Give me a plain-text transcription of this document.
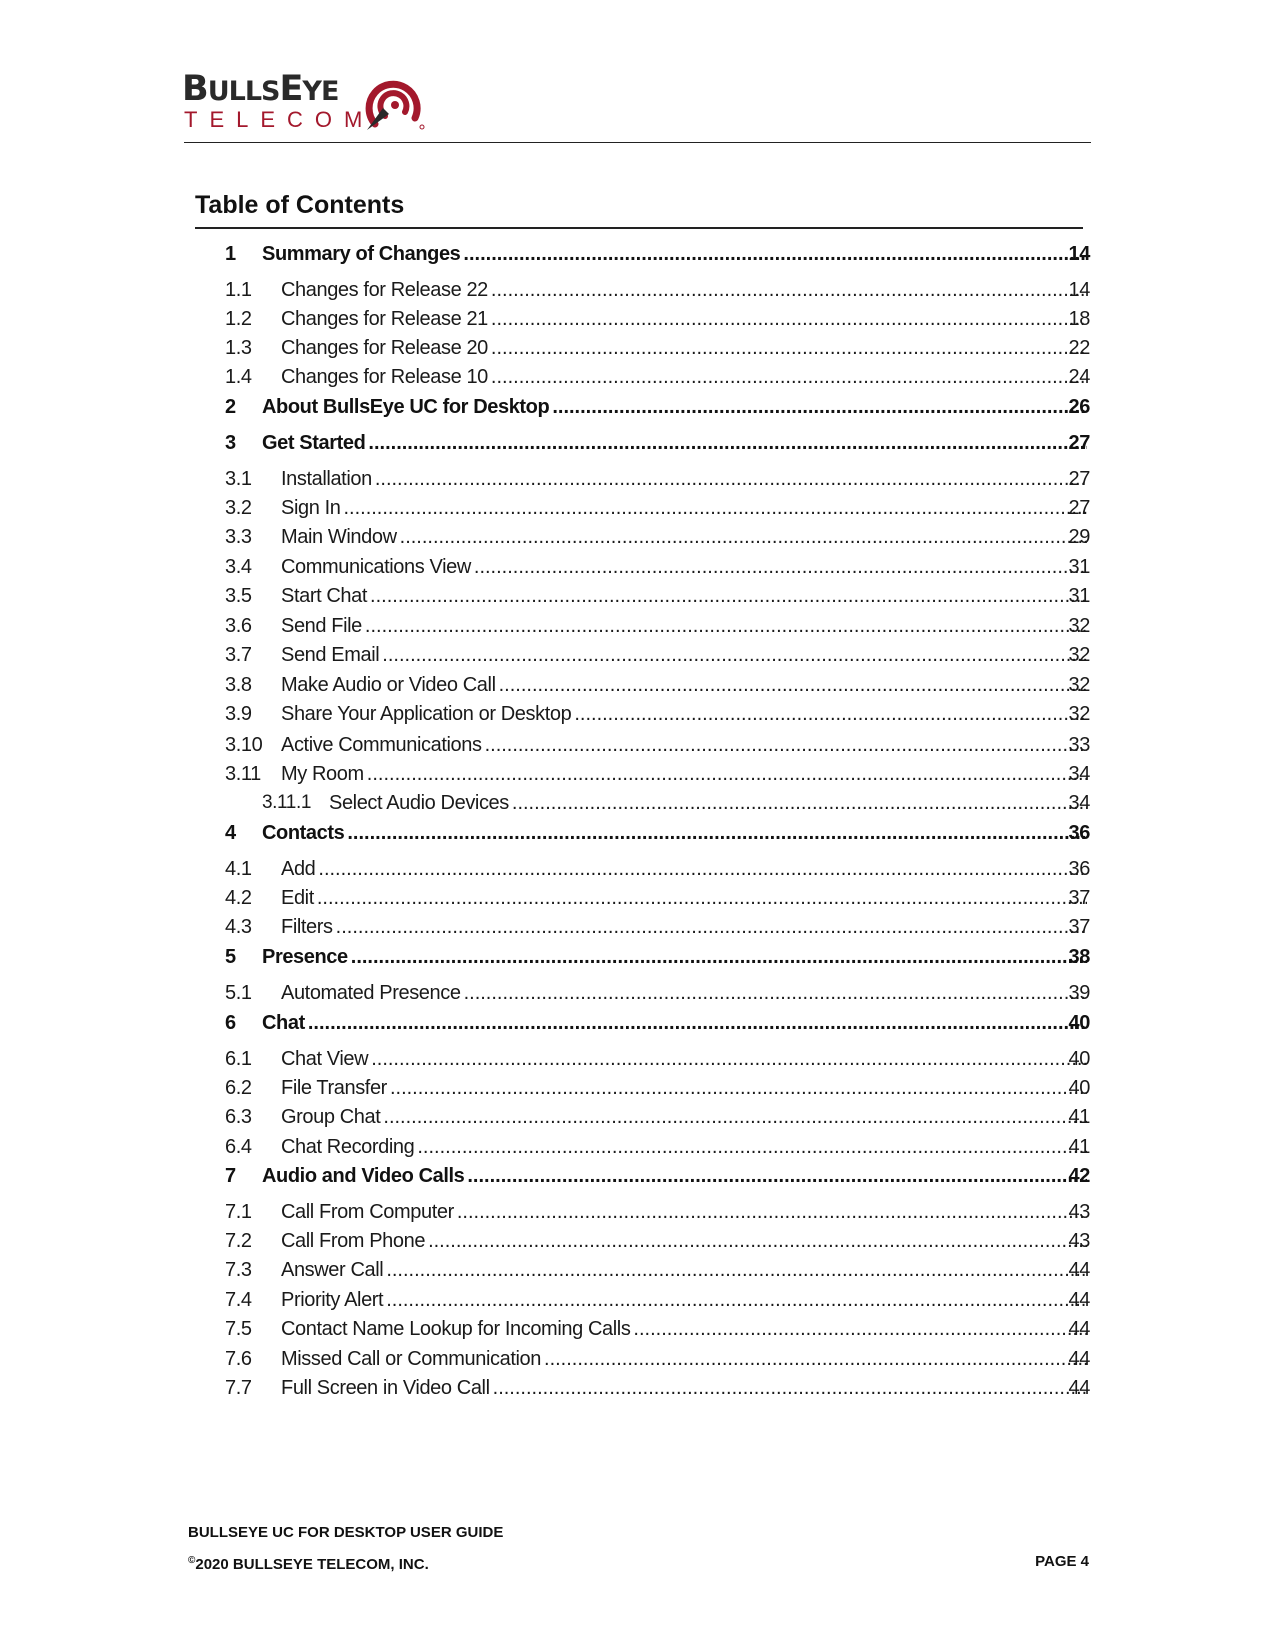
BULLSEYE
TELECOM
Table of Contents
1 Summary of Changes .....	14
1.1 Changes for Release 22 .....	14
1.2 Changes for Release 21 .....	18
1.3 Changes for Release 20 .....	22
1.4 Changes for Release 10 .....	24
2 About BullsEye UC for Desktop .....	26
3 Get Started .....	27
3.1 Installation .....	27
3.2 Sign In .....	27
3.3 Main Window .....	29
3.4 Communications View .....	31
3.5 Start Chat .....	31
3.6 Send File .....	32
3.7 Send Email .....	32
3.8 Make Audio or Video Call .....	32
3.9 Share Your Application or Desktop .....	32
3.10 Active Communications .....	33
3.11 My Room .....	34
3.11.1 Select Audio Devices .....	34
4 Contacts .....	36
4.1 Add .....	36
4.2 Edit .....	37
4.3 Filters .....	37
5 Presence .....	38
5.1 Automated Presence .....	39
6 Chat .....	40
6.1 Chat View .....	40
6.2 File Transfer .....	40
6.3 Group Chat .....	41
6.4 Chat Recording .....	41
7 Audio and Video Calls .....	42
7.1 Call From Computer .....	43
7.2 Call From Phone .....	43
7.3 Answer Call .....	44
7.4 Priority Alert .....	44
7.5 Contact Name Lookup for Incoming Calls .....	44
7.6 Missed Call or Communication .....	44
7.7 Full Screen in Video Call .....	44
BULLSEYE UC FOR DESKTOP USER GUIDE
©2020 BULLSEYE TELECOM, INC.	PAGE 4
